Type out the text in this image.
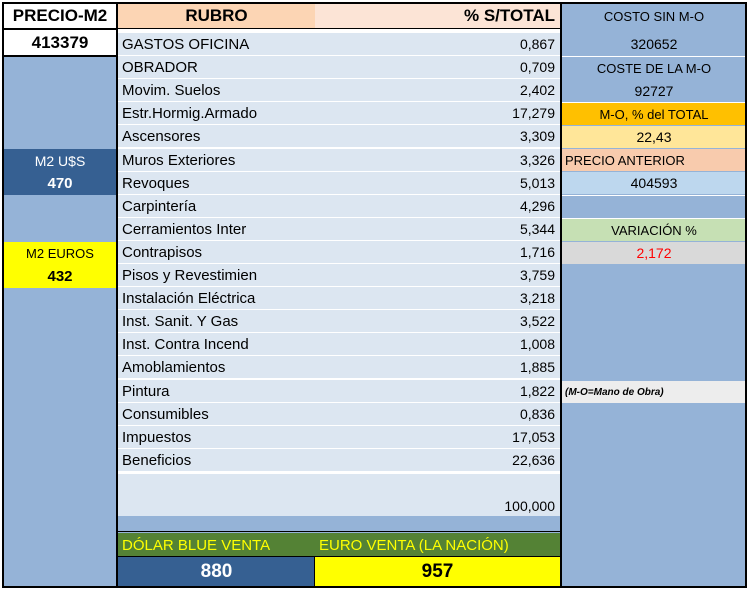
PRECIO-M2
413379
M2 U$S
470
M2 EUROS
432
RUBRO	% S/TOTAL
GASTOS OFICINA	0,867
OBRADOR	0,709
Movim. Suelos	2,402
Estr.Hormig.Armado	17,279
Ascensores	3,309
Muros Exteriores	3,326
Revoques	5,013
Carpintería	4,296
Cerramientos Inter	5,344
Contrapisos	1,716
Pisos y Revestimien	3,759
Instalación Eléctrica	3,218
Inst. Sanit. Y Gas	3,522
Inst. Contra Incend	1,008
Amoblamientos	1,885
Pintura	1,822
Consumibles	0,836
Impuestos	17,053
Beneficios	22,636
100,000
DÓLAR BLUE VENTA	EURO VENTA (LA NACIÓN)
880	957
COSTO SIN M-O
320652
COSTE DE LA M-O
92727
M-O, % del TOTAL
22,43
PRECIO ANTERIOR
404593
VARIACIÓN %
2,172
(M-O=Mano de Obra)
